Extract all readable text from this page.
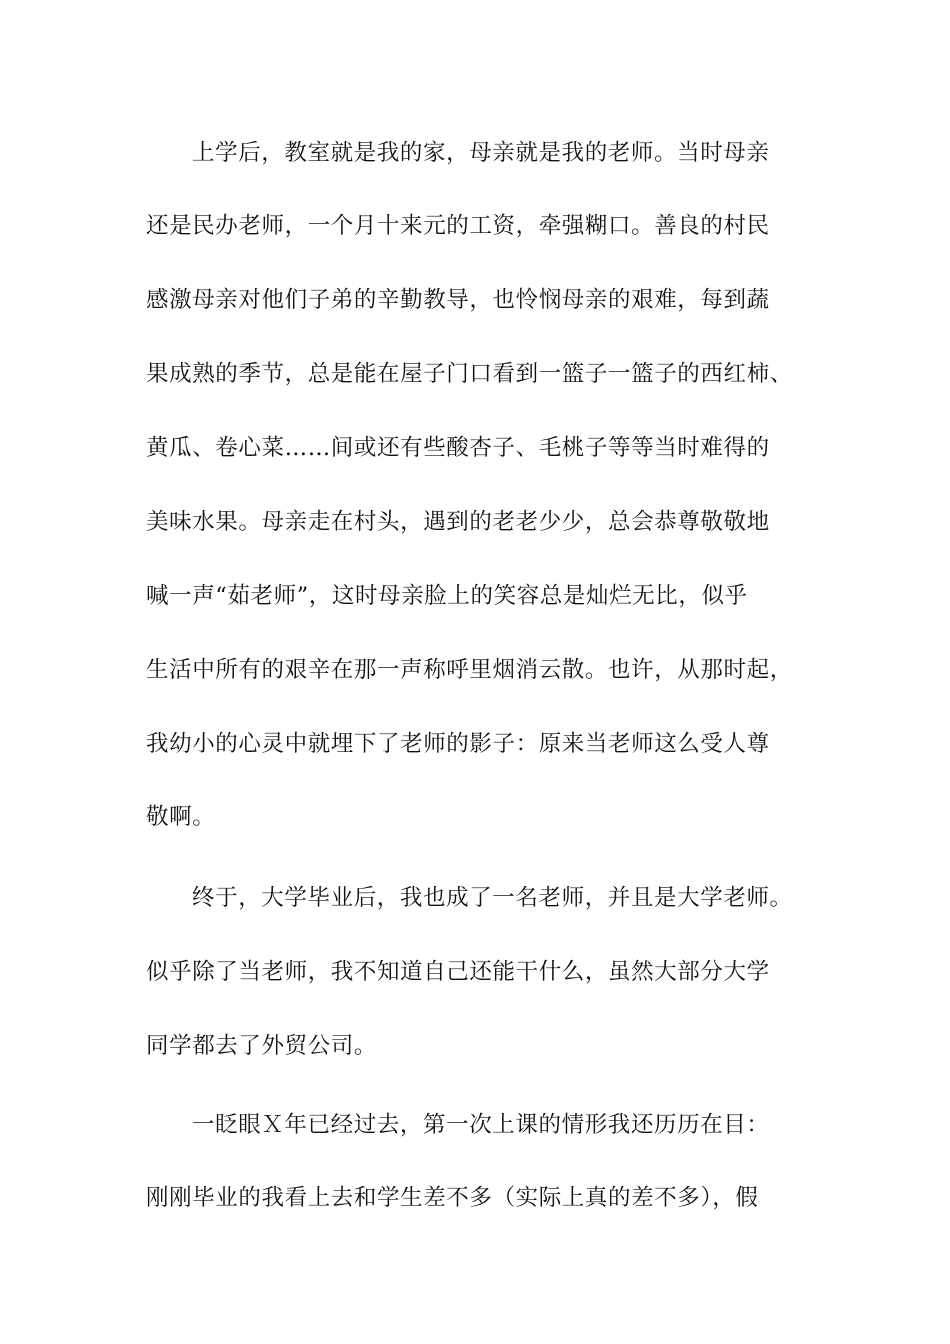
上学后，教室就是我的家，母亲就是我的老师。当时母亲
还是民办老师，一个月十来元的工资，牵强糊口。善良的村民
感激母亲对他们子弟的辛勤教导，也怜悯母亲的艰难，每到蔬
果成熟的季节，总是能在屋子门口看到一篮子一篮子的西红柿、
黄瓜、卷心菜……间或还有些酸杏子、毛桃子等等当时难得的
美味水果。母亲走在村头，遇到的老老少少，总会恭尊敬敬地
喊一声“茹老师”，这时母亲脸上的笑容总是灿烂无比，似乎
生活中所有的艰辛在那一声称呼里烟消云散。也许，从那时起，
我幼小的心灵中就埋下了老师的影子：原来当老师这么受人尊
敬啊。
终于，大学毕业后，我也成了一名老师，并且是大学老师。
似乎除了当老师，我不知道自己还能干什么，虽然大部分大学
同学都去了外贸公司。
一眨眼Ｘ年已经过去，第一次上课的情形我还历历在目：
刚刚毕业的我看上去和学生差不多（实际上真的差不多），假
